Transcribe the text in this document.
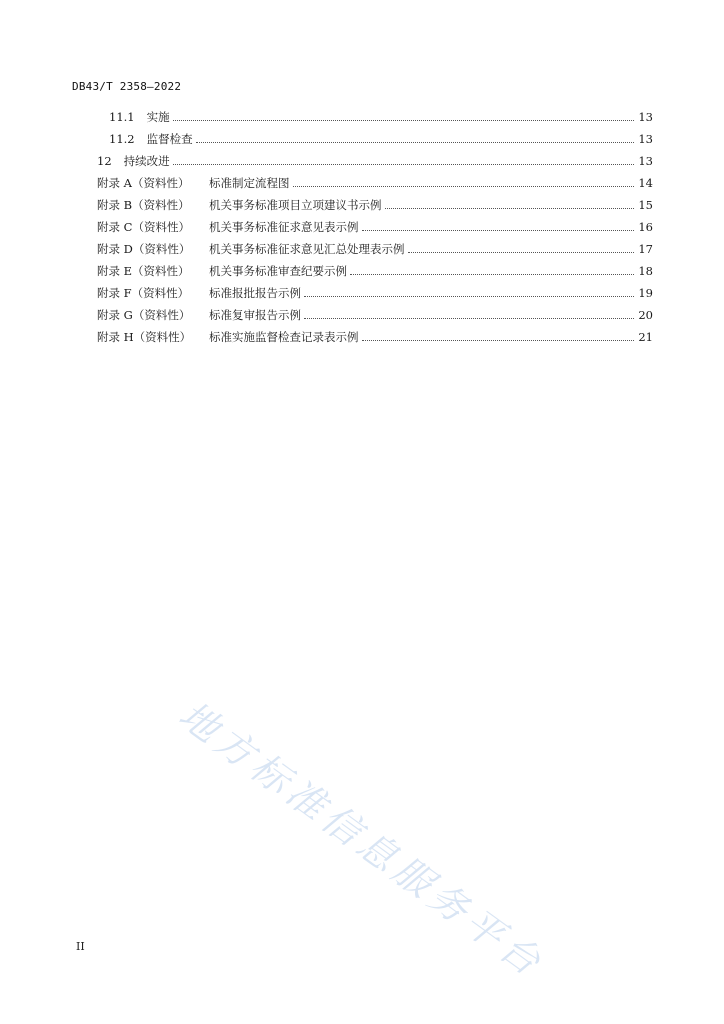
DB43/T 2358—2022
11.1 实施	13
11.2 监督检查	13
12 持续改进	13
附录 A（资料性）	标准制定流程图	14
附录 B（资料性）	机关事务标准项目立项建议书示例	15
附录 C（资料性）	机关事务标准征求意见表示例	16
附录 D（资料性）	机关事务标准征求意见汇总处理表示例	17
附录 E（资料性）	机关事务标准审查纪要示例	18
附录 F（资料性）	标准报批报告示例	19
附录 G（资料性）	标准复审报告示例	20
附录 H（资料性）	标准实施监督检查记录表示例	21
地方标准信息服务平台
II
